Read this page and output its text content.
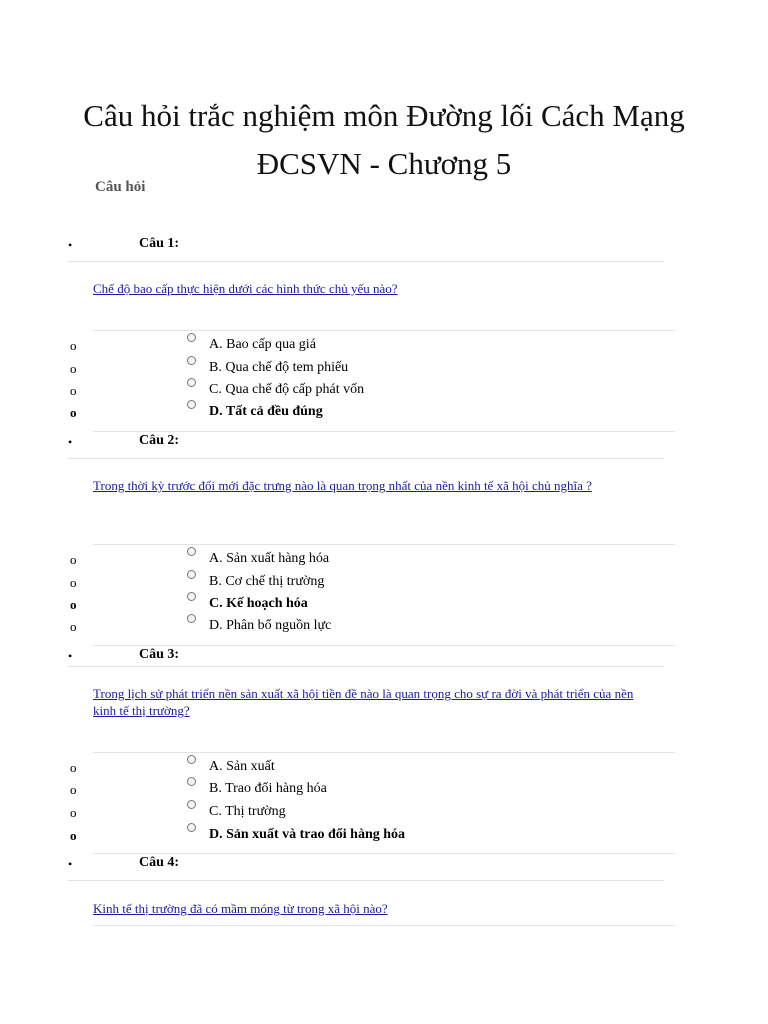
Câu hỏi trắc nghiệm môn Đường lối Cách Mạng ĐCSVN - Chương 5
Câu hỏi
•	Câu 1:
Chế độ bao cấp thực hiện dưới các hình thức chủ yếu nào?
o	A. Bao cấp qua giá
o	B. Qua chế độ tem phiếu
o	C. Qua chế độ cấp phát vốn
o	D. Tất cả đều đúng
•	Câu 2:
Trong thời kỳ trước đổi mới đặc trưng nào là quan trọng nhất của nền kinh tế xã hội chủ nghĩa ?
o	A. Sản xuất hàng hóa
o	B. Cơ chế thị trường
o	C. Kế hoạch hóa
o	D. Phân bổ nguồn lực
•	Câu 3:
Trong lịch sử phát triển nền sản xuất xã hội tiền đề nào là quan trọng cho sự ra đời và phát triển của nền kinh tế thị trường?
o	A. Sản xuất
o	B. Trao đổi hàng hóa
o	C. Thị trường
o	D. Sản xuất và trao đổi hàng hóa
•	Câu 4:
Kinh tế thị trường đã có mầm móng từ trong xã hội nào?
